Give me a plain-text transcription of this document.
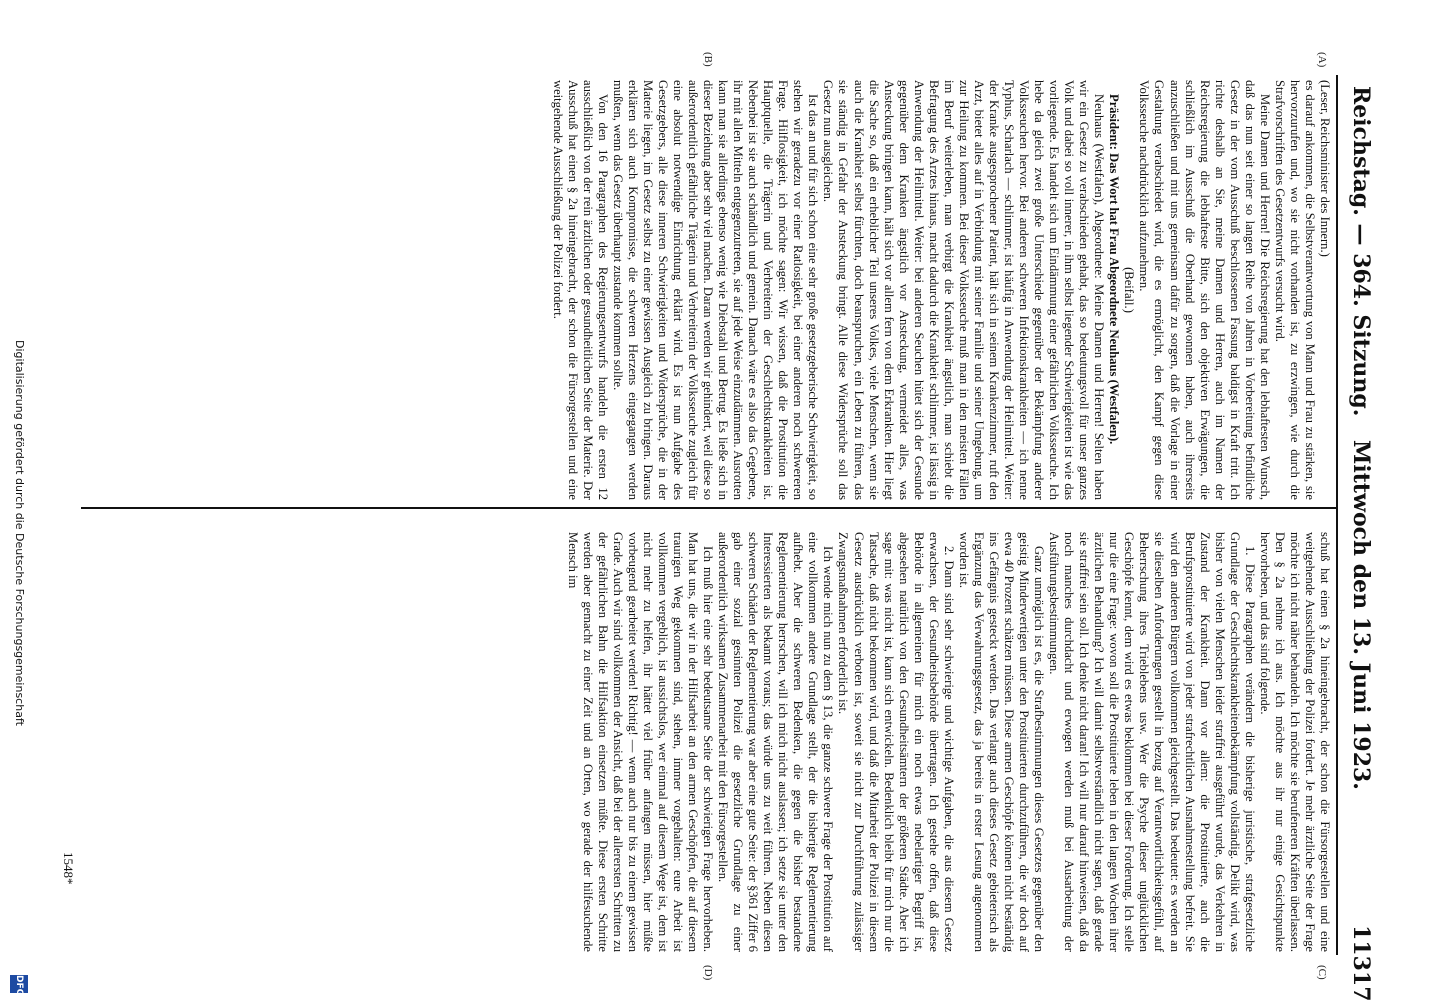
Reichstag. — 364. Sitzung.
Mittwoch den 13. Juni 1923.
11317
(A)
(B)
(C)
(D)

(Leser, Reichsminister des Innern.)

es darauf ankommen, die Selbstverantwortung von Mann und Frau zu stärken, sie hervorzurufen und, wo sie nicht vorhanden ist, zu erzwingen, wie durch die Strafvorschriften des Gesetzentwurfs versucht wird.

Meine Damen und Herren! Die Reichsregierung hat den lebhaftesten Wunsch, daß das nun seit einer so langen Reihe von Jahren in Vorbereitung befindliche Gesetz in der vom Ausschuß beschlossenen Fassung baldigst in Kraft tritt. Ich richte deshalb an Sie, meine Damen und Herren, auch im Namen der Reichsregierung die lebhafteste Bitte, sich den objektiven Erwägungen, die schließlich im Ausschuß die Oberhand gewonnen haben, auch ihrerseits anzuschließen und mit uns gemeinsam dafür zu sorgen, daß die Vorlage in einer Gestaltung verabschiedet wird, die es ermöglicht, den Kampf gegen diese Volksseuche nachdrücklich aufzunehmen.

(Beifall.)

Präsident: Das Wort hat Frau Abgeordnete Neuhaus (Westfalen).

Neuhaus (Westfalen), Abgeordnete: Meine Damen und Herren! Selten haben wir ein Gesetz zu verabschieden gehabt, das so bedeutungsvoll für unser ganzes Volk und dabei so voll innerer, in ihm selbst liegender Schwierigkeiten ist wie das vorliegende. Es handelt sich um Eindämmung einer gefährlichen Volksseuche. Ich hebe da gleich zwei große Unterschiede gegenüber der Bekämpfung anderer Volksseuchen hervor. Bei anderen schweren Infektionskrankheiten — ich nenne Typhus, Scharlach — schlimmer, ist häufig in Anwendung der Heilmittel. Weiter: der Kranke ausgesprochener Patient, hält sich in seinem Krankenzimmer, ruft den Arzt, bietet alles auf in Verbindung mit seiner Familie und seiner Umgebung, um zur Heilung zu kommen. Bei dieser Volksseuche muß man in den meisten Fällen im Beruf weiterleben, man verbirgt die Krankheit ängstlich, man schiebt die Befragung des Arztes hinaus, macht dadurch die Krankheit schlimmer, ist lässig in Anwendung der Heilmittel. Weiter: bei anderen Seuchen hütet sich der Gesunde gegenüber dem Kranken ängstlich vor Ansteckung, vermeidet alles, was Ansteckung bringen kann, hält sich vor allem fern von dem Erkrankten. Hier liegt die Sache so, daß ein erheblicher Teil unseres Volkes, viele Menschen, wenn sie auch die Krankheit selbst fürchten, doch beanspruchen, ein Leben zu führen, das sie ständig in Gefahr der Ansteckung bringt. Alle diese Widersprüche soll das Gesetz nun ausgleichen.

Ist das an und für sich schon eine sehr große gesetzgeberische Schwierigkeit, so stehen wir geradezu vor einer Ratlosigkeit, bei einer anderen noch schwereren Frage. Hilflosigkeit, ich möchte sagen: Wir wissen, daß die Prostitution die Hauptquelle, die Trägerin und Verbreiterin der Geschlechtskrankheiten ist. Nebenbei ist sie auch schändlich und gemein. Danach wäre es also das Gegebene, ihr mit allen Mitteln entgegenzutreten, sie auf jede Weise einzudämmen. Ausrotten kann man sie allerdings ebenso wenig wie Diebstahl und Betrug. Es ließe sich in dieser Beziehung aber sehr viel machen. Daran werden wir gehindert, weil diese so außerordentlich gefährliche Trägerin und Verbreiterin der Volksseuche zugleich für eine absolut notwendige Einrichtung erklärt wird. Es ist nun Aufgabe des Gesetzgebers, alle diese inneren Schwierigkeiten und Widersprüche, die in der Materie liegen, im Gesetz selbst zu einer gewissen Ausgleich zu bringen. Daraus erklären sich auch Kompromisse, die schweren Herzens eingegangen werden mußten, wenn das Gesetz überhaupt zustande kommen sollte.

Von den 16 Paragraphen des Regierungsentwurfs handeln die ersten 12 ausschließlich von der rein ärztlichen oder gesundheitlichen Seite der Materie. Der Ausschuß hat einen § 2a hineingebracht, der schon die Fürsorgestellen und eine weitgehende Ausschließung der Polizei fordert.

schuß hat einen § 2a hineingebracht, der schon die Fürsorgestellen und eine weitgehende Ausschließung der Polizei fordert. Je mehr ärztliche Seite der Frage möchte ich nicht näher behandeln. Ich möchte sie berufeneren Kräften überlassen. Den § 2a nehme ich aus. Ich möchte aus ihr nur einige Gesichtspunkte hervorheben, und das sind folgende.

1. Diese Paragraphen verändern die bisherige juristische, strafgesetzliche Grundlage der Geschlechtskrankheitenbekämpfung vollständig. Delikt wird, was bisher von vielen Menschen leider straffrei ausgeführt wurde, das Verkehren in Zustand der Krankheit. Dann vor allem: die Prostituierte, auch die Berufsprostituierte wird von jeder strafrechtlichen Ausnahmestellung befreit. Sie wird den anderen Bürgern vollkommen gleichgestellt. Das bedeutet: es werden an sie dieselben Anforderungen gestellt in bezug auf Verantwortlichkeitsgefühl, auf Beherrschung ihres Trieblebens usw. Wer die Psyche dieser unglücklichen Geschöpfe kennt, dem wird es etwas beklommen bei dieser Forderung. Ich stelle nur die eine Frage: wovon soll die Prostituierte leben in den langen Wochen ihrer ärztlichen Behandlung? Ich will damit selbstverständlich nicht sagen, daß gerade sie straffrei sein soll. Ich denke nicht daran! Ich will nur darauf hinweisen, daß da noch manches durchdacht und erwogen werden muß bei Ausarbeitung der Ausführungsbestimmungen.

Ganz unmöglich ist es, die Strafbestimmungen dieses Gesetzes gegenüber den geistig Minderwertigen unter den Prostituierten durchzuführen, die wir doch auf etwa 40 Prozent schätzen müssen. Diese armen Geschöpfe können nicht beständig ins Gefängnis gesteckt werden. Das verlangt auch dieses Gesetz gebieterisch als Ergänzung das Verwahrungsgesetz, das ja bereits in erster Lesung angenommen worden ist.

2. Dann sind sehr schwierige und wichtige Aufgaben, die aus diesem Gesetz erwachsen, der Gesundheitsbehörde übertragen. Ich gestehe offen, daß diese Behörde in allgemeinen für mich ein noch etwas nebelartiger Begriff ist, abgesehen natürlich von den Gesundheitsämtern der größeren Städte. Aber ich sage mit: was nicht ist, kann sich entwickeln. Bedenklich bleibt für mich nur die Tatsache, daß nicht bekommen wird, und daß die Mitarbeit der Polizei in diesem Gesetz ausdrücklich verboten ist, soweit sie nicht zur Durchführung zulässiger Zwangsmaßnahmen erforderlich ist.

Ich wende mich nun zu dem § 13, die ganze schwere Frage der Prostitution auf eine vollkommen andere Grundlage stellt, der die bisherige Reglementierung aufhebt. Aber die schweren Bedenken, die gegen die bisher bestandene Reglementierung herrschen, will ich mich nicht auslassen; ich setze sie unter den Interessierten als bekannt voraus; das würde uns zu weit führen. Neben diesen schweren Schäden der Reglementierung war aber eine gute Seite: der §361 Ziffer 6 gab einer sozial gesinnten Polizei die gesetzliche Grundlage zu einer außerordentlich wirksamen Zusammenarbeit mit den Fürsorgestellen.

Ich muß hier eine sehr bedeutsame Seite der schwierigen Frage hervorheben. Man hat uns, die wir in der Hilfsarbeit an den armen Geschöpfen, die auf diesem traurigen Weg gekommen sind, stehen, immer vorgehalten: eure Arbeit ist vollkommen vergeblich, ist aussichtslos, wer einmal auf diesem Wege ist, dem ist nicht mehr zu helfen, ihr hättet viel früher anfangen müssen, hier müßte vorbeugend gearbeitet werden! Richtig! — wenn auch nur bis zu einem gewissen Grade. Auch wir sind vollkommen der Ansicht, daß bei der allerersten Schritten zu der gefährlichen Bahn die Hilfsaktion einsetzen müßte. Diese ersten Schritte werden aber gemacht zu einer Zeit und an Orten, wo gerade der hilfesuchende Mensch im

1548*
Digitalisierung gefördert durch die Deutsche Forschungsgemeinschaft
DFG
